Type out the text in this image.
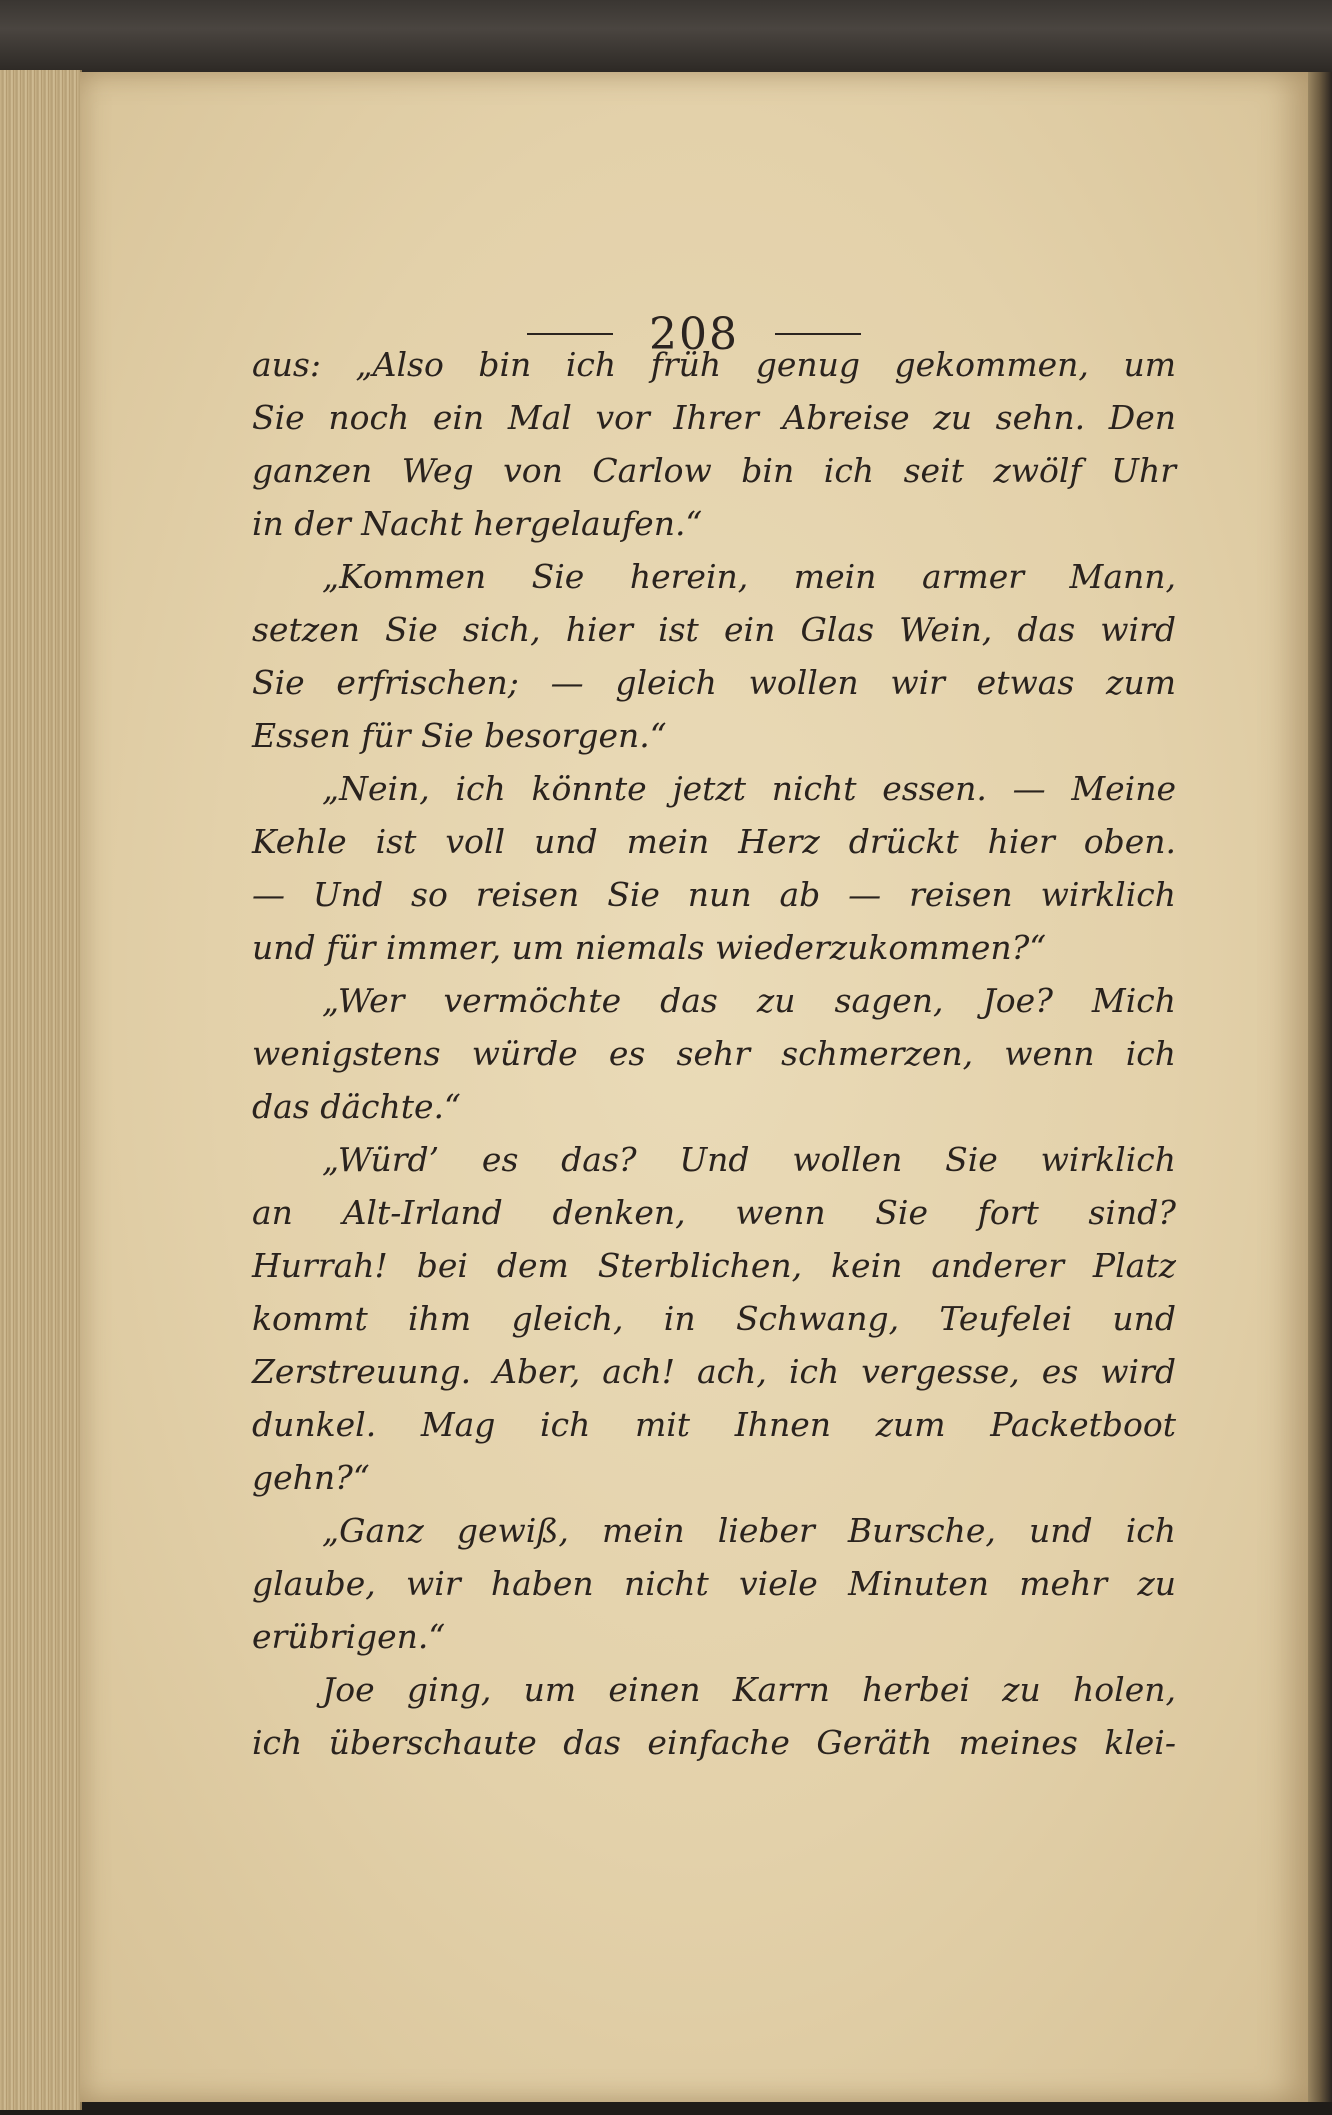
208
aus: „Also bin ich früh genug gekommen, um
Sie noch ein Mal vor Ihrer Abreise zu sehn. Den
ganzen Weg von Carlow bin ich seit zwölf Uhr
in der Nacht hergelaufen.“
„Kommen Sie herein, mein armer Mann,
setzen Sie sich, hier ist ein Glas Wein, das wird
Sie erfrischen; — gleich wollen wir etwas zum
Essen für Sie besorgen.“
„Nein, ich könnte jetzt nicht essen. — Meine
Kehle ist voll und mein Herz drückt hier oben.
— Und so reisen Sie nun ab — reisen wirklich
und für immer, um niemals wiederzukommen?“
„Wer vermöchte das zu sagen, Joe? Mich
wenigstens würde es sehr schmerzen, wenn ich
das dächte.“
„Würd’ es das? Und wollen Sie wirklich
an Alt-Irland denken, wenn Sie fort sind?
Hurrah! bei dem Sterblichen, kein anderer Platz
kommt ihm gleich, in Schwang, Teufelei und
Zerstreuung. Aber, ach! ach, ich vergesse, es wird
dunkel. Mag ich mit Ihnen zum Packetboot
gehn?“
„Ganz gewiß, mein lieber Bursche, und ich
glaube, wir haben nicht viele Minuten mehr zu
erübrigen.“
Joe ging, um einen Karrn herbei zu holen,
ich überschaute das einfache Geräth meines klei-
